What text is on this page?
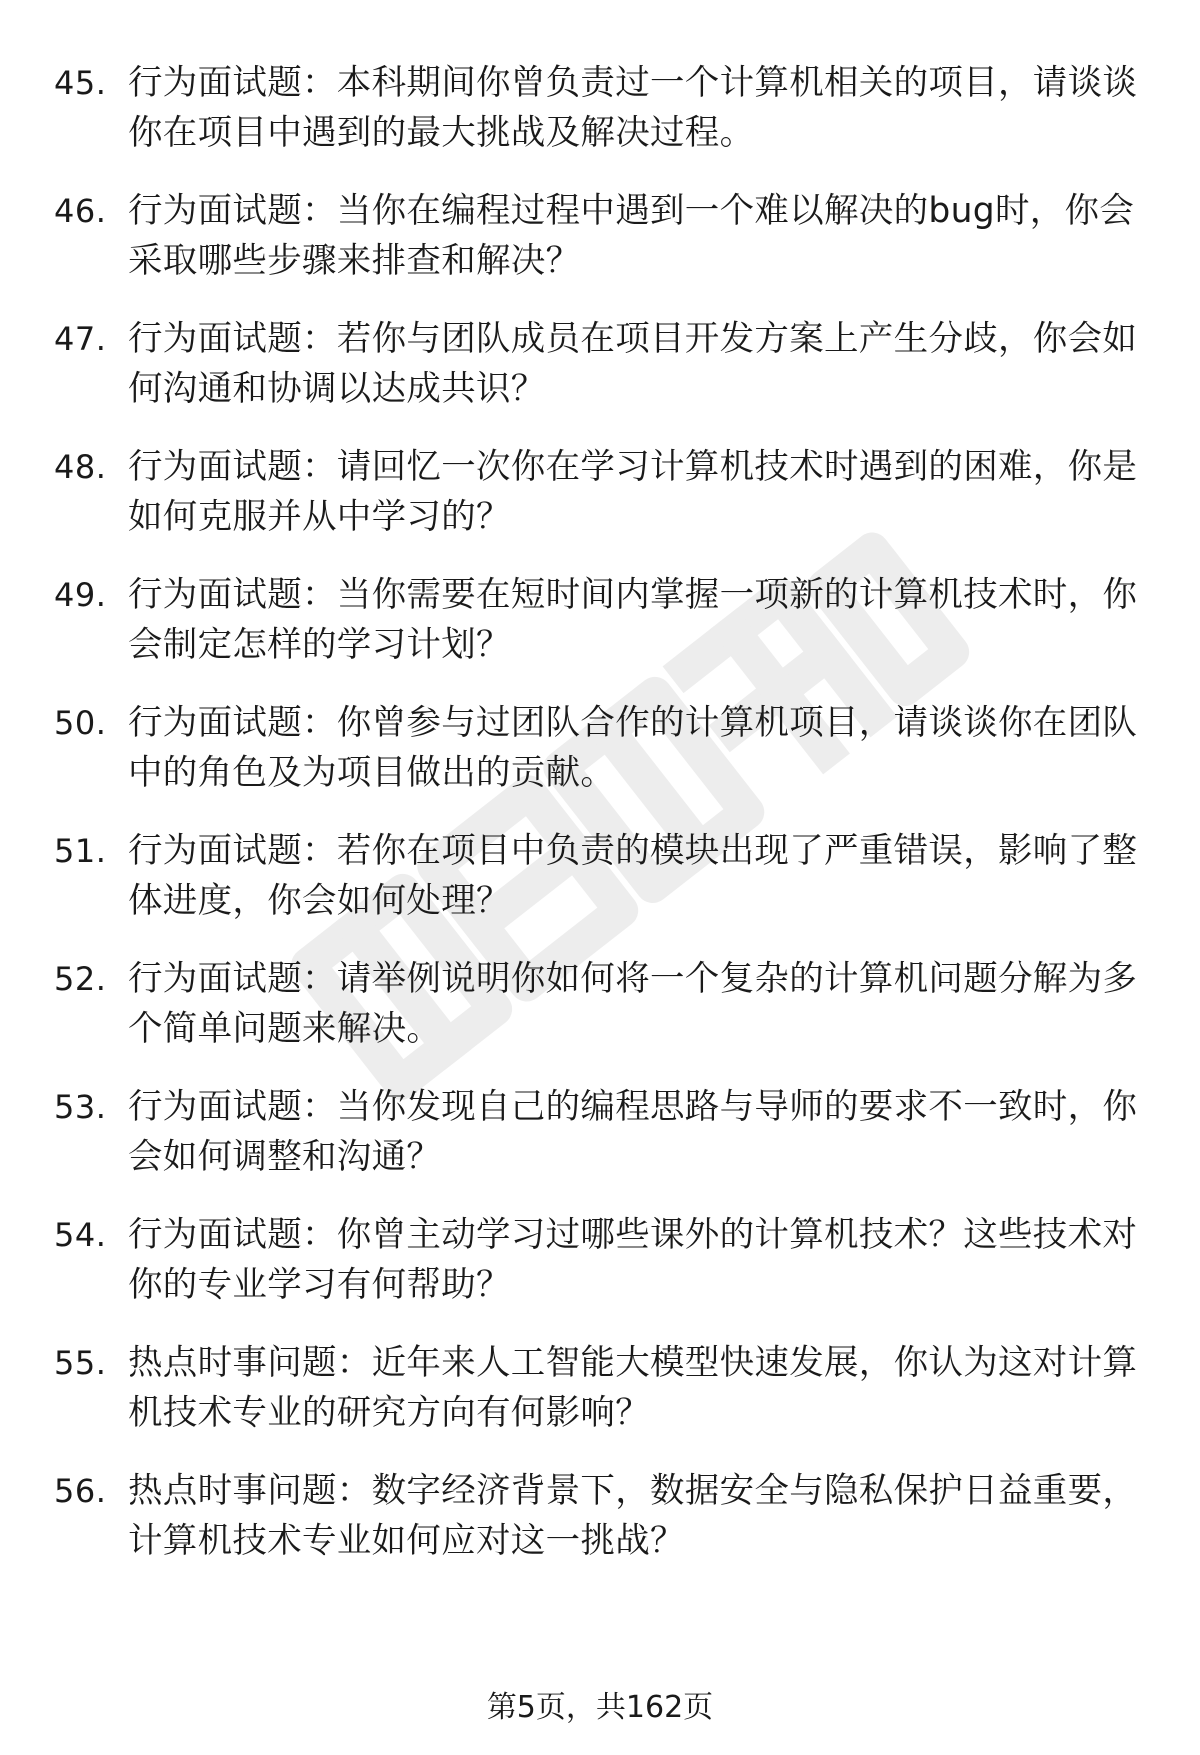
45. 行为面试题：本科期间你曾负责过一个计算机相关的项目，请谈谈你在项目中遇到的最大挑战及解决过程。
46. 行为面试题：当你在编程过程中遇到一个难以解决的bug时，你会采取哪些步骤来排查和解决？
47. 行为面试题：若你与团队成员在项目开发方案上产生分歧，你会如何沟通和协调以达成共识？
48. 行为面试题：请回忆一次你在学习计算机技术时遇到的困难，你是如何克服并从中学习的？
49. 行为面试题：当你需要在短时间内掌握一项新的计算机技术时，你会制定怎样的学习计划？
50. 行为面试题：你曾参与过团队合作的计算机项目，请谈谈你在团队中的角色及为项目做出的贡献。
51. 行为面试题：若你在项目中负责的模块出现了严重错误，影响了整体进度，你会如何处理？
52. 行为面试题：请举例说明你如何将一个复杂的计算机问题分解为多个简单问题来解决。
53. 行为面试题：当你发现自己的编程思路与导师的要求不一致时，你会如何调整和沟通？
54. 行为面试题：你曾主动学习过哪些课外的计算机技术？这些技术对你的专业学习有何帮助？
55. 热点时事问题：近年来人工智能大模型快速发展，你认为这对计算机技术专业的研究方向有何影响？
56. 热点时事问题：数字经济背景下，数据安全与隐私保护日益重要，计算机技术专业如何应对这一挑战？
第5页，共162页
